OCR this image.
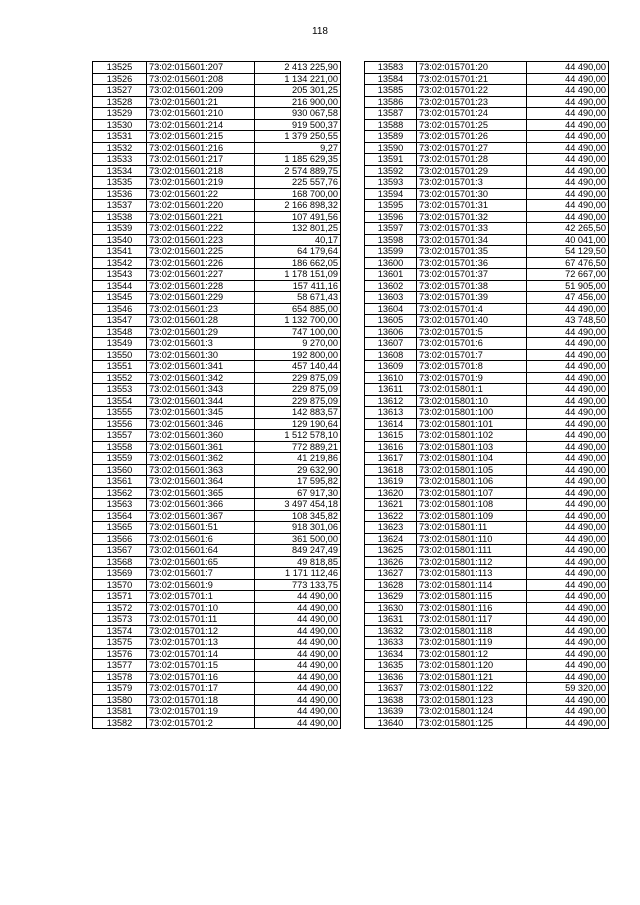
118
13525	73:02:015601:207	2 413 225,90
13526	73:02:015601:208	1 134 221,00
13527	73:02:015601:209	205 301,25
13528	73:02:015601:21	216 900,00
13529	73:02:015601:210	930 067,58
13530	73:02:015601:214	919 500,37
13531	73:02:015601:215	1 379 250,55
13532	73:02:015601:216	9,27
13533	73:02:015601:217	1 185 629,35
13534	73:02:015601:218	2 574 889,75
13535	73:02:015601:219	225 557,76
13536	73:02:015601:22	168 700,00
13537	73:02:015601:220	2 166 898,32
13538	73:02:015601:221	107 491,56
13539	73:02:015601:222	132 801,25
13540	73:02:015601:223	40,17
13541	73:02:015601:225	64 179,64
13542	73:02:015601:226	186 662,05
13543	73:02:015601:227	1 178 151,09
13544	73:02:015601:228	157 411,16
13545	73:02:015601:229	58 671,43
13546	73:02:015601:23	654 885,00
13547	73:02:015601:28	1 132 700,00
13548	73:02:015601:29	747 100,00
13549	73:02:015601:3	9 270,00
13550	73:02:015601:30	192 800,00
13551	73:02:015601:341	457 140,44
13552	73:02:015601:342	229 875,09
13553	73:02:015601:343	229 875,09
13554	73:02:015601:344	229 875,09
13555	73:02:015601:345	142 883,57
13556	73:02:015601:346	129 190,64
13557	73:02:015601:360	1 512 578,10
13558	73:02:015601:361	772 889,21
13559	73:02:015601:362	41 219,86
13560	73:02:015601:363	29 632,90
13561	73:02:015601:364	17 595,82
13562	73:02:015601:365	67 917,30
13563	73:02:015601:366	3 497 454,18
13564	73:02:015601:367	108 345,82
13565	73:02:015601:51	918 301,06
13566	73:02:015601:6	361 500,00
13567	73:02:015601:64	849 247,49
13568	73:02:015601:65	49 818,85
13569	73:02:015601:7	1 171 112,46
13570	73:02:015601:9	773 133,75
13571	73:02:015701:1	44 490,00
13572	73:02:015701:10	44 490,00
13573	73:02:015701:11	44 490,00
13574	73:02:015701:12	44 490,00
13575	73:02:015701:13	44 490,00
13576	73:02:015701:14	44 490,00
13577	73:02:015701:15	44 490,00
13578	73:02:015701:16	44 490,00
13579	73:02:015701:17	44 490,00
13580	73:02:015701:18	44 490,00
13581	73:02:015701:19	44 490,00
13582	73:02:015701:2	44 490,00
13583	73:02:015701:20	44 490,00
13584	73:02:015701:21	44 490,00
13585	73:02:015701:22	44 490,00
13586	73:02:015701:23	44 490,00
13587	73:02:015701:24	44 490,00
13588	73:02:015701:25	44 490,00
13589	73:02:015701:26	44 490,00
13590	73:02:015701:27	44 490,00
13591	73:02:015701:28	44 490,00
13592	73:02:015701:29	44 490,00
13593	73:02:015701:3	44 490,00
13594	73:02:015701:30	44 490,00
13595	73:02:015701:31	44 490,00
13596	73:02:015701:32	44 490,00
13597	73:02:015701:33	42 265,50
13598	73:02:015701:34	40 041,00
13599	73:02:015701:35	54 129,50
13600	73:02:015701:36	67 476,50
13601	73:02:015701:37	72 667,00
13602	73:02:015701:38	51 905,00
13603	73:02:015701:39	47 456,00
13604	73:02:015701:4	44 490,00
13605	73:02:015701:40	43 748,50
13606	73:02:015701:5	44 490,00
13607	73:02:015701:6	44 490,00
13608	73:02:015701:7	44 490,00
13609	73:02:015701:8	44 490,00
13610	73:02:015701:9	44 490,00
13611	73:02:015801:1	44 490,00
13612	73:02:015801:10	44 490,00
13613	73:02:015801:100	44 490,00
13614	73:02:015801:101	44 490,00
13615	73:02:015801:102	44 490,00
13616	73:02:015801:103	44 490,00
13617	73:02:015801:104	44 490,00
13618	73:02:015801:105	44 490,00
13619	73:02:015801:106	44 490,00
13620	73:02:015801:107	44 490,00
13621	73:02:015801:108	44 490,00
13622	73:02:015801:109	44 490,00
13623	73:02:015801:11	44 490,00
13624	73:02:015801:110	44 490,00
13625	73:02:015801:111	44 490,00
13626	73:02:015801:112	44 490,00
13627	73:02:015801:113	44 490,00
13628	73:02:015801:114	44 490,00
13629	73:02:015801:115	44 490,00
13630	73:02:015801:116	44 490,00
13631	73:02:015801:117	44 490,00
13632	73:02:015801:118	44 490,00
13633	73:02:015801:119	44 490,00
13634	73:02:015801:12	44 490,00
13635	73:02:015801:120	44 490,00
13636	73:02:015801:121	44 490,00
13637	73:02:015801:122	59 320,00
13638	73:02:015801:123	44 490,00
13639	73:02:015801:124	44 490,00
13640	73:02:015801:125	44 490,00
